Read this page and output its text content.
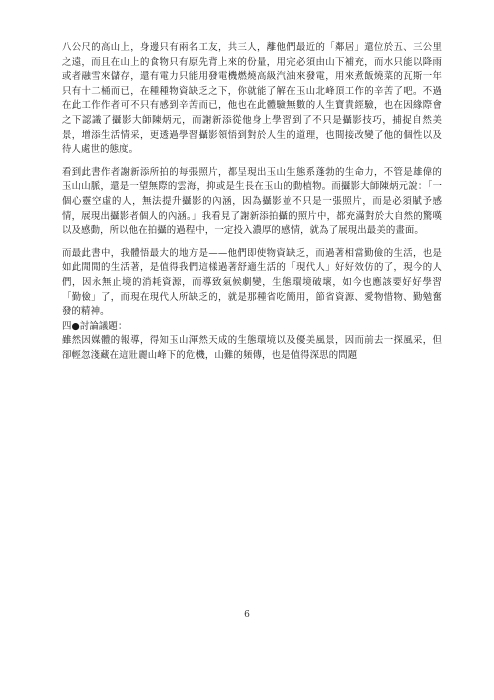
八公尺的高山上，身邊只有兩名工友，共三人，離他們最近的「鄰居」還位於五、三公里之遠，而且在山上的食物只有原先背上來的份量，用完必須由山下補充，而水只能以降雨或者融雪來儲存，還有電力只能用發電機燃燒高級汽油來發電，用來煮飯燒菜的瓦斯一年只有十二桶而已，在種種物資缺乏之下，你就能了解在玉山北峰頂工作的辛苦了吧。不過在此工作作者可不只有感到辛苦而已，他也在此體驗無數的人生寶貴經驗，也在因緣際會之下認識了攝影大師陳炳元，而謝新添從他身上學習到了不只是攝影技巧，捕捉自然美景，增添生活情采，更透過學習攝影領悟到對於人生的道理，也間接改變了他的個性以及待人處世的態度。

看到此書作者謝新添所拍的每張照片，都呈現出玉山生態系蓬勃的生命力，不管是雄偉的玉山山脈，還是一望無際的雲海，抑或是生長在玉山的動植物。而攝影大師陳炳元說：「一個心靈空虛的人，無法提升攝影的內涵，因為攝影並不只是一張照片，而是必須賦予感情，展現出攝影者個人的內涵。」我看見了謝新添拍攝的照片中，都充滿對於大自然的驚嘆以及感動，所以他在拍攝的過程中，一定投入濃厚的感情，就為了展現出最美的畫面。

而最此書中，我體悟最大的地方是——他們即使物資缺乏，而過著相當勤儉的生活，也是如此閒閒的生活著，是值得我們這樣過著舒適生活的「現代人」好好效仿的了，現今的人們，因永無止境的消耗資源，而導致氣候劇變，生態環境破壞，如今也應該要好好學習「勤儉」了，而現在現代人所缺乏的，就是那種省吃簡用，節省資源、愛物惜物、勤勉奮發的精神。

四●討論議題：

雖然因媒體的報導，得知玉山渾然天成的生態環境以及優美風景，因而前去一探風采，但卻輕忽淺藏在這壯麗山峰下的危機，山難的頻傳，也是值得深思的問題

6
